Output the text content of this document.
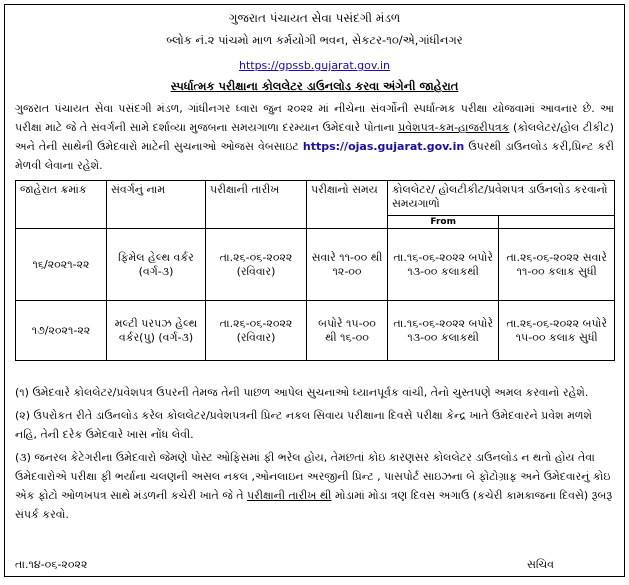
ગુજરાત પંચાયત સેવા પસંદગી મંડળ
બ્લોક નં.૨ પાંચમો માળ કર્મયોગી ભવન, સેકટર-૧૦/એ,ગાંધીનગર
https://gpssb.gujarat.gov.in
સ્પર્ધાત્મક પરીક્ષાના કોલલેટર ડાઉનલોડ કરવા અંગેની જાહેરાત
ગુજરાત પંચાયત સેવા પસંદગી મંડળ, ગાંધીનગર ધ્વારા જુન ૨૦૨૨ માં નીચેના સંવર્ગોની સ્પર્ધાત્મક પરીક્ષા યોજવામાં આવનાર છે. આ પરીક્ષા માટે જે તે સંવર્ગની સામે દર્શાવ્યા મુજબના સમયગાળા દરમ્યાન ઉમેદવારે પોતાના પ્રવેશપત્ર-કમ-હાજરીપત્રક (કોલલેટર/હોલ ટીકીટ) અને તેની સાથેની ઉમેદવારો માટેની સુચનાઓ ઓજસ વેબસાઇટ https://ojas.gujarat.gov.in ઉપરથી ડાઉનલોડ કરી,પ્રિન્ટ કરી મેળવી લેવાના રહેશે.
જાહેરાત ક્રમાંક	સંવર્ગનું નામ	પરીક્ષાની તારીખ	પરીક્ષાનો સમય	કોલલેટર/ હોલટીકીટ/પ્રવેશપત્ર ડાઉનલોડ કરવાનો સમયગાળો	
				From	
૧૬/૨૦૨૧-૨૨	ફિમેલ હેલ્થ વર્કર (વર્ગ-૩)	તા.૨૬-૦૬-૨૦૨૨ (રવિવાર)	સવારે ૧૧-૦૦ થી ૧૨-૦૦	તા.૧૬-૦૬-૨૦૨૨ બપોરે ૧૩-૦૦ કલાકથી	તા.૨૬-૦૬-૨૦૨૨ સવારે ૧૧-૦૦ કલાક સુધી
૧૭/૨૦૨૧-૨૨	મલ્ટી પરપઝ હેલ્થ વર્કર(પુ) (વર્ગ-૩)	તા.૨૬-૦૬-૨૦૨૨ (રવિવાર)	બપોરે ૧૫-૦૦ થી ૧૬-૦૦	તા.૧૬-૦૬-૨૦૨૨ બપોરે ૧૩-૦૦ કલાકથી	તા.૨૬-૦૬-૨૦૨૨ બપોરે ૧૫-૦૦ કલાક સુધી

(૧) ઉમેદવારે કોલલેટર/પ્રવેશપત્ર ઉપરની તેમજ તેની પાછળ આપેલ સુચનાઓ ધ્યાનપૂર્વક વાંચી, તેનો ચુસ્તપણે અમલ કરવાનો રહેશે.

(૨) ઉપરોકત રીતે ડાઉનલોડ કરેલ કોલલેટર/પ્રવેશપત્રની પ્રિન્ટ નકલ સિવાય પરીક્ષાના દિવસે પરીક્ષા કેન્દ્ર ખાતે ઉમેદવારને પ્રવેશ મળશે નહિ, તેની દરેક ઉમેદવારે ખાસ નોંધ લેવી.

(૩) જનરલ કેટેગરીના ઉમેદવારો જેમણે પોસ્ટ ઓફિસમાં ફી ભરેલ હોય, તેમછતાં કોઇ કારણસર કોલલેટર ડાઉનલોડ ન થતો હોય તેવા ઉમેદવારોએ પરીક્ષા ફી ભર્યાના ચલણની અસલ નકલ ,ઓનલાઇન અરજીની પ્રિન્ટ , પાસપોર્ટ સાઇઝના બે ફોટોગ્રાફ અને ઉમેદવારનું કોઇ એક ફોટો ઓળખપત્ર સાથે મંડળની કચેરી ખાતે જે તે પરીક્ષાની તારીખ થી મોડામાં મોડા ત્રણ દિવસ અગાઉ (કચેરી કામકાજના દિવસે) રૂબરૂ સંપર્ક કરવો.

તા.૧૪-૦૬-૨૦૨૨	સચિવ
